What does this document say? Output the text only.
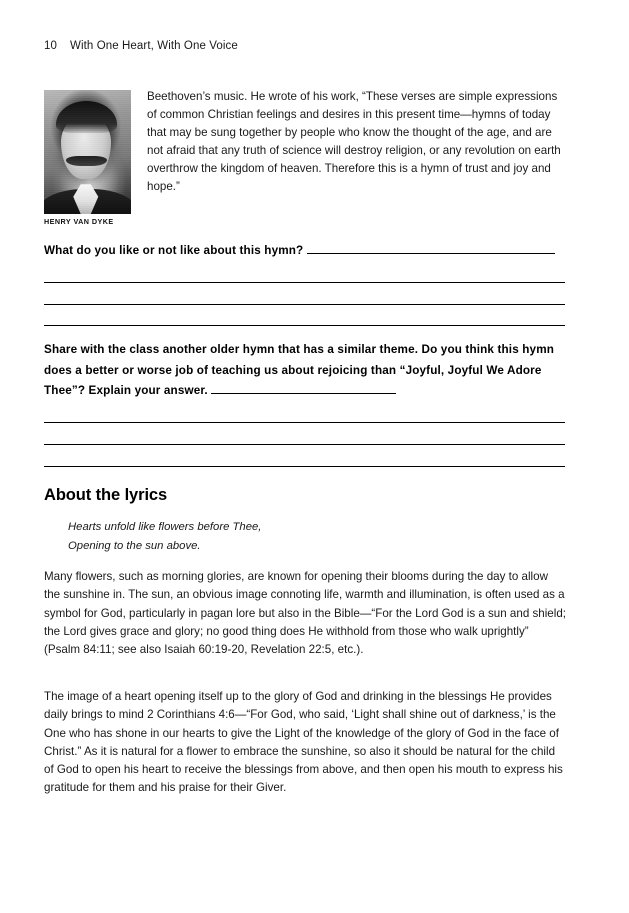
10 With One Heart, With One Voice
HENRY VAN DYKE
Beethoven’s music. He wrote of his work, “These verses are simple expressions of common Christian feelings and desires in this present time—hymns of today that may be sung together by people who know the thought of the age, and are not afraid that any truth of science will destroy religion, or any revolution on earth overthrow the kingdom of heaven. Therefore this is a hymn of trust and joy and hope.”
What do you like or not like about this hymn?
Share with the class another older hymn that has a similar theme. Do you think this hymn does a better or worse job of teaching us about rejoicing than “Joyful, Joyful We Adore Thee”? Explain your answer.
About the lyrics
Hearts unfold like flowers before Thee,
Opening to the sun above.
Many flowers, such as morning glories, are known for opening their blooms during the day to allow the sunshine in. The sun, an obvious image connoting life, warmth and illumination, is often used as a symbol for God, particularly in pagan lore but also in the Bible—“For the Lord God is a sun and shield; the Lord gives grace and glory; no good thing does He withhold from those who walk uprightly” (Psalm 84:11; see also Isaiah 60:19-20, Revelation 22:5, etc.).
The image of a heart opening itself up to the glory of God and drinking in the blessings He provides daily brings to mind 2 Corinthians 4:6—“For God, who said, ‘Light shall shine out of darkness,’ is the One who has shone in our hearts to give the Light of the knowledge of the glory of God in the face of Christ.” As it is natural for a flower to embrace the sunshine, so also it should be natural for the child of God to open his heart to receive the blessings from above, and then open his mouth to express his gratitude for them and his praise for their Giver.
